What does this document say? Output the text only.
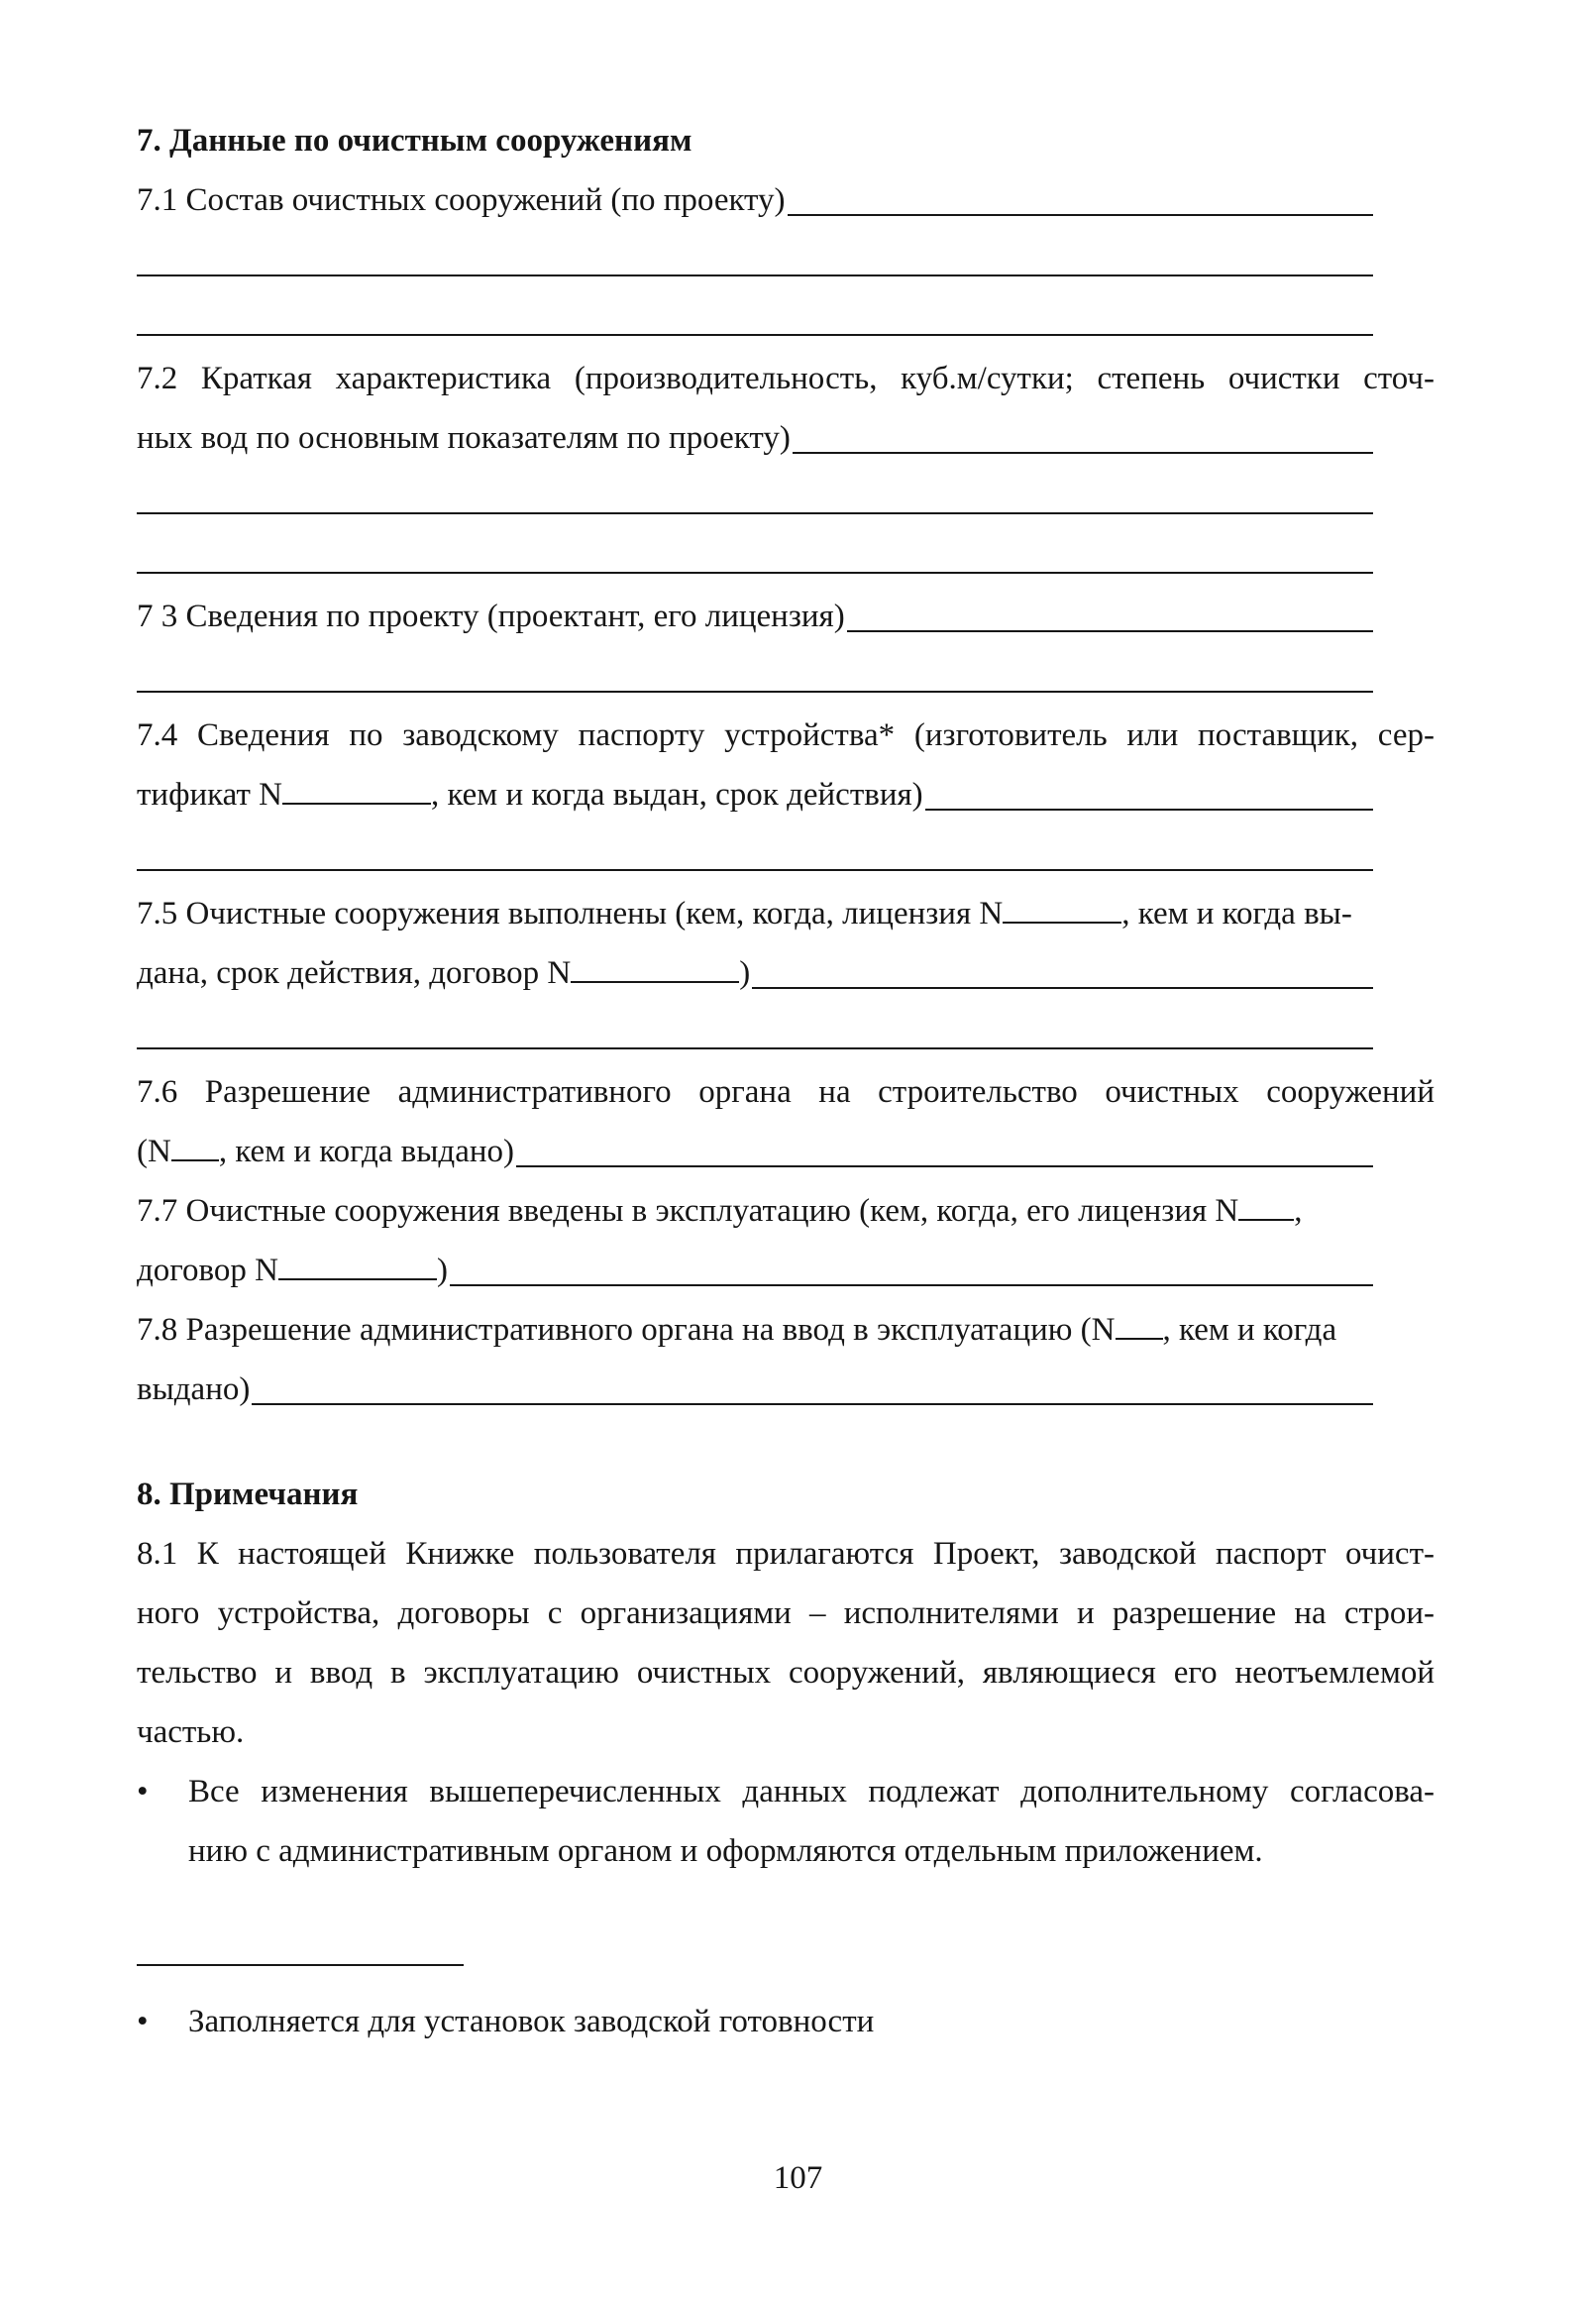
7. Данные по очистным сооружениям
7.1 Состав очистных сооружений (по проекту)
7.2 Краткая характеристика (производительность, куб.м/сутки; степень очистки сточ-
ных вод по основным показателям по проекту)
7 3 Сведения по проекту (проектант, его лицензия)
7.4 Сведения по заводскому паспорту устройства* (изготовитель или поставщик, сер-
тификат N	, кем и когда выдан, срок действия)
7.5 Очистные сооружения выполнены (кем, когда, лицензия N	, кем и когда вы-
дана, срок действия, договор N	)
7.6 Разрешение административного органа на строительство очистных сооружений
(N , кем и когда выдано)
7.7 Очистные сооружения введены в эксплуатацию (кем, когда, его лицензия N ,
договор N	)
7.8 Разрешение административного органа на ввод в эксплуатацию (N , кем и когда
выдано)
8. Примечания
8.1 К настоящей Книжке пользователя прилагаются Проект, заводской паспорт очист-
ного устройства, договоры с организациями – исполнителями и разрешение на строи-
тельство и ввод в эксплуатацию очистных сооружений, являющиеся его неотъемлемой
частью.
• Все изменения вышеперечисленных данных подлежат дополнительному согласова-
нию с административным органом и оформляются отдельным приложением.
• Заполняется для установок заводской готовности
107
